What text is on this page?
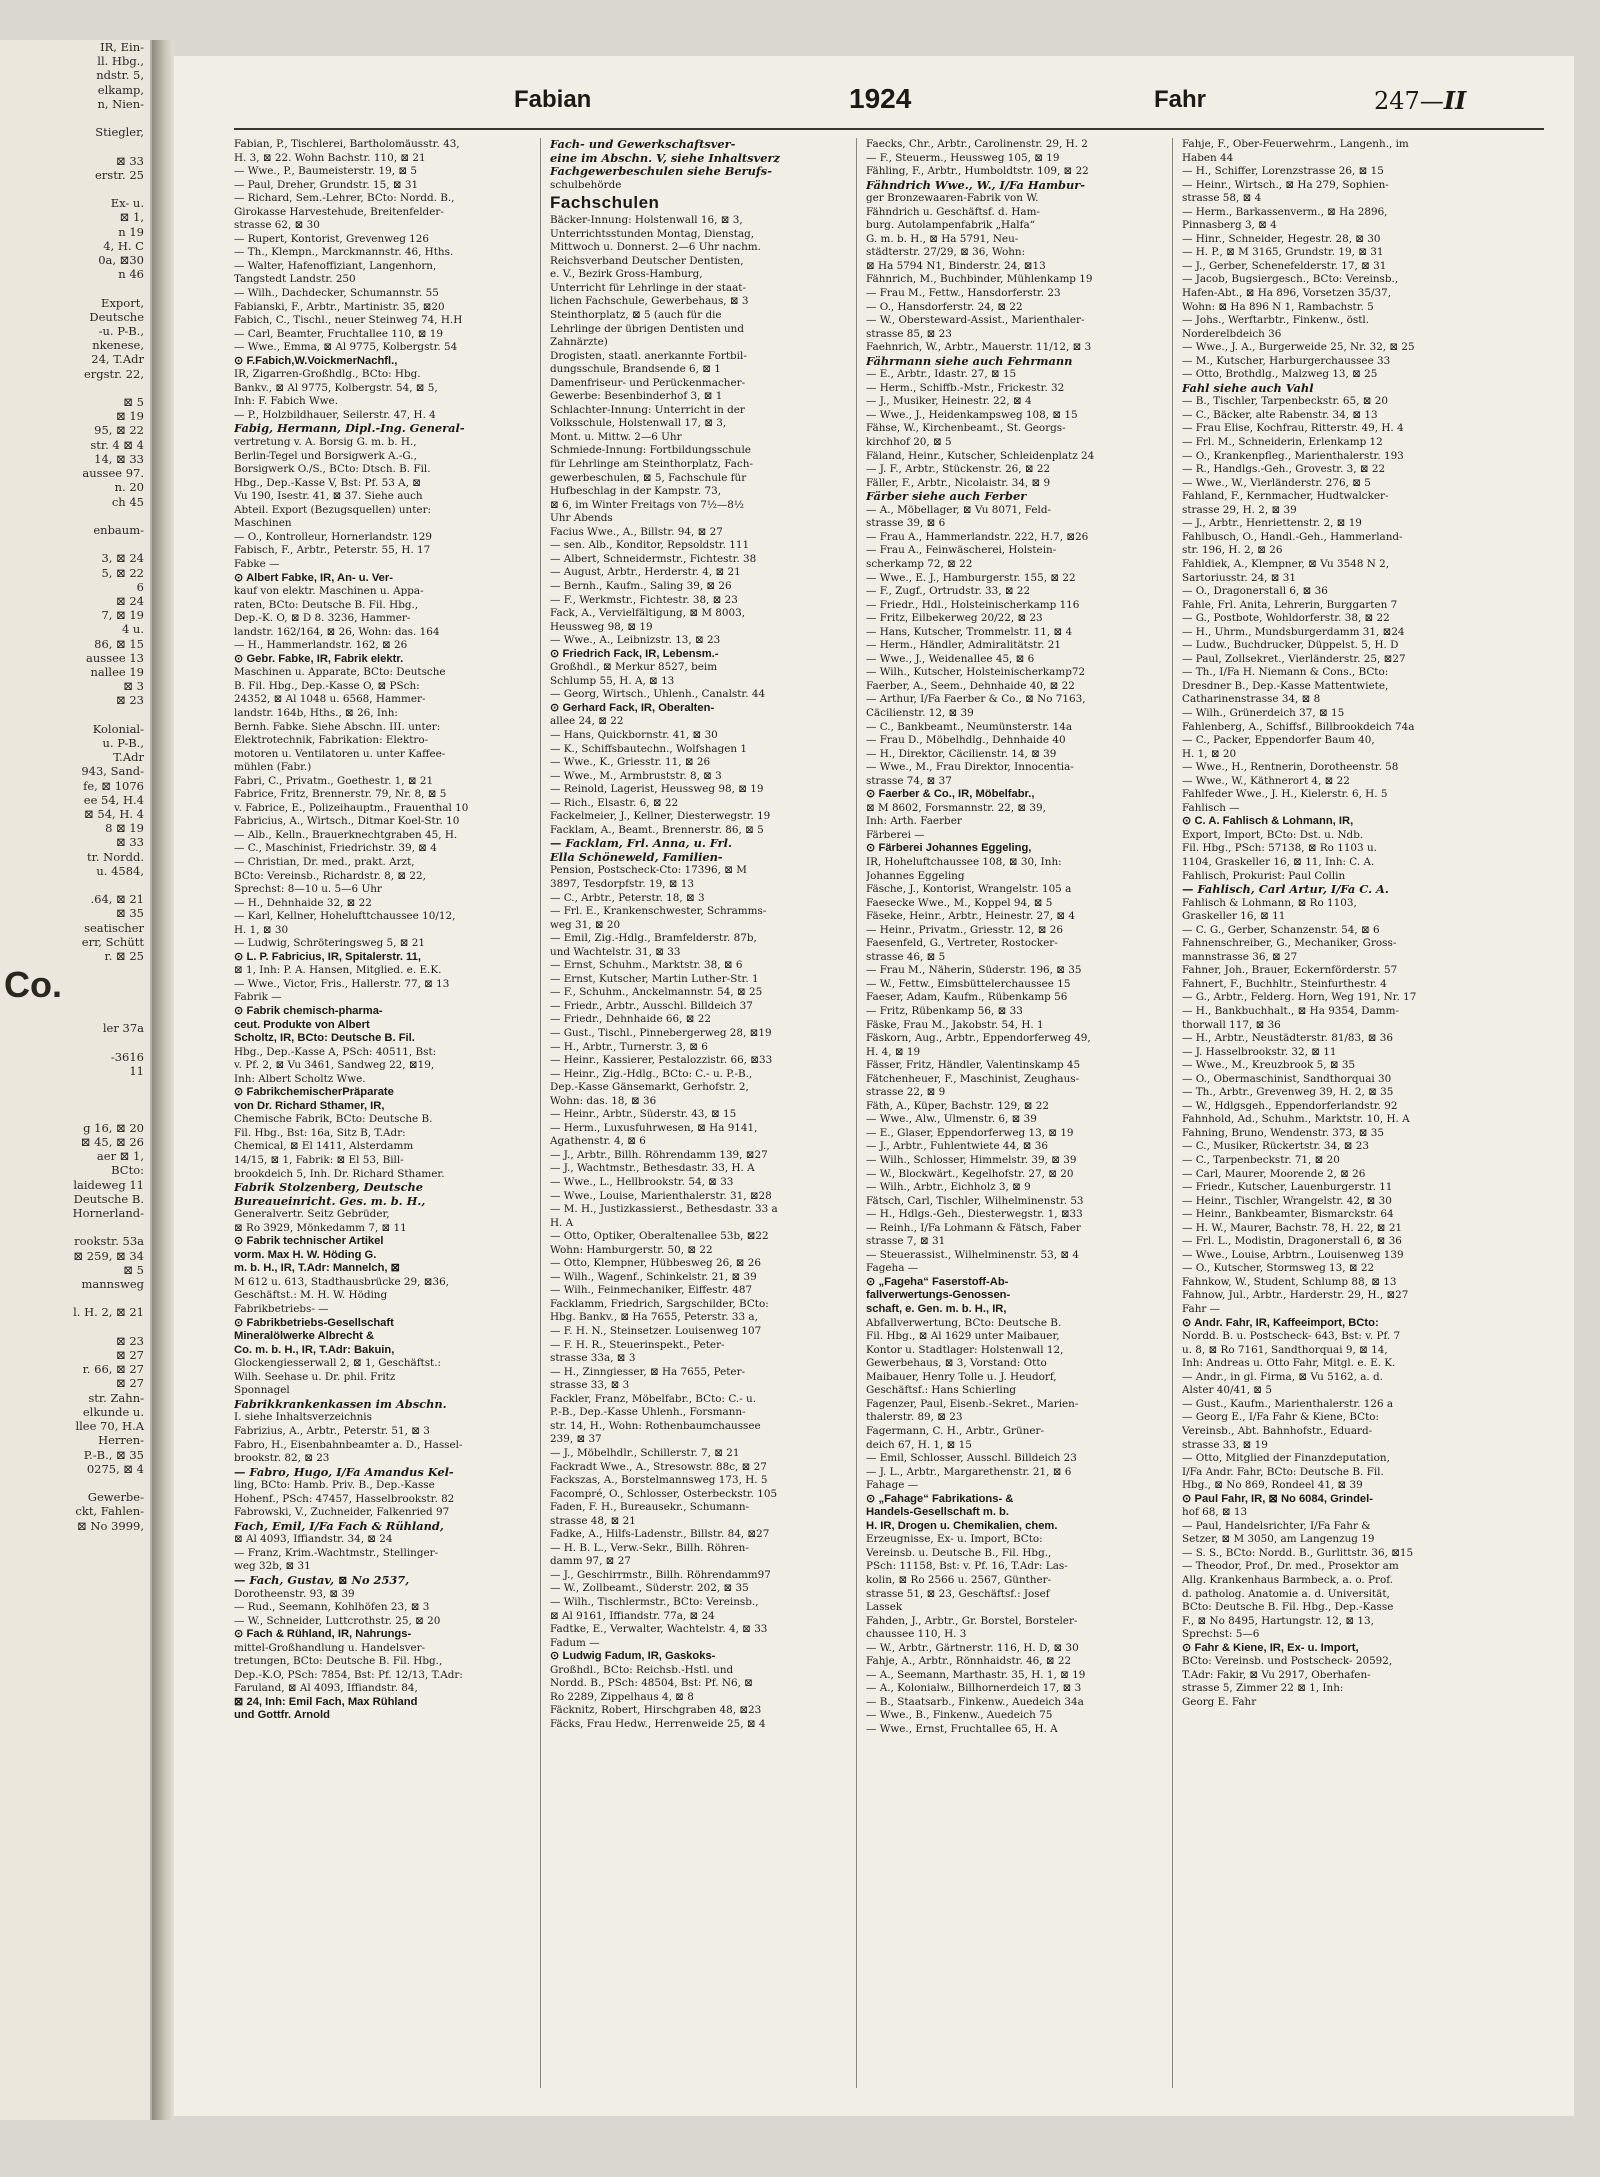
IR, Ein-
ll. Hbg.,
ndstr. 5,
elkamp,
n, Nien-

Stiegler,

⊠ 33
erstr. 25

Ex- u.
⊠ 1,
n 19
4, H. C
0a, ⊠30
n 46

Export,
Deutsche
-u. P-B.,
nkenese,
24, T.Adr
ergstr. 22,

⊠ 5
⊠ 19
95, ⊠ 22
str. 4 ⊠ 4
14, ⊠ 33
aussee 97.
n. 20
ch 45

enbaum-

3, ⊠ 24
5, ⊠ 22
6
⊠ 24
7, ⊠ 19
4 u.
86, ⊠ 15
aussee 13
nallee 19
⊠ 3
⊠ 23

Kolonial-
u. P-B.,
T.Adr
943, Sand-
fe, ⊠ 1076
ee 54, H.4
⊠ 54, H. 4
8 ⊠ 19
⊠ 33
tr. Nordd.
u. 4584,

.64, ⊠ 21
⊠ 35
seatischer
err, Schütt
r. ⊠ 25
Co.

ler 37a

-3616
11

g 16, ⊠ 20
⊠ 45, ⊠ 26
aer ⊠ 1,
BCto:
laideweg 11
Deutsche B.
Hornerland-

rookstr. 53a
⊠ 259, ⊠ 34
⊠ 5
mannsweg

l. H. 2, ⊠ 21

⊠ 23
⊠ 27
r. 66, ⊠ 27
⊠ 27
str. Zahn-
elkunde u.
llee 70, H.A
Herren-
P.-B., ⊠ 35
0275, ⊠ 4

Gewerbe-
ckt, Fahlen-
⊠ No 3999,
Fabian	1924	Fahr	247—II
Fabian, P., Tischlerei, Bartholomäusstr. 43,
H. 3, ⊠ 22. Wohn Bachstr. 110, ⊠ 21
— Wwe., P., Baumeisterstr. 19, ⊠ 5
— Paul, Dreher, Grundstr. 15, ⊠ 31
— Richard, Sem.-Lehrer, BCto: Nordd. B.,
Girokasse Harvestehude, Breitenfelder-
strasse 62, ⊠ 30
— Rupert, Kontorist, Grevenweg 126
— Th., Klempn., Marckmannstr. 46, Hths.
— Walter, Hafenoffiziant, Langenhorn,
Tangstedt Landstr. 250
— Wilh., Dachdecker, Schumannstr. 55
Fabianski, F., Arbtr., Martinistr. 35, ⊠20
Fabich, C., Tischl., neuer Steinweg 74, H.H
— Carl, Beamter, Fruchtallee 110, ⊠ 19
— Wwe., Emma, ⊠ Al 9775, Kolbergstr. 54
⊙ F.Fabich,W.VoickmerNachfl.,
IR, Zigarren-Großhdlg., BCto: Hbg.
Bankv., ⊠ Al 9775, Kolbergstr. 54, ⊠ 5,
Inh: F. Fabich Wwe.
— P., Holzbildhauer, Seilerstr. 47, H. 4
Fabig, Hermann, Dipl.-Ing. General-
vertretung v. A. Borsig G. m. b. H.,
Berlin-Tegel und Borsigwerk A.-G.,
Borsigwerk O./S., BCto: Dtsch. B. Fil.
Hbg., Dep.-Kasse V, Bst: Pf. 53 A, ⊠
Vu 190, Isestr. 41, ⊠ 37. Siehe auch
Abteil. Export (Bezugsquellen) unter:
Maschinen
— O., Kontrolleur, Hornerlandstr. 129
Fabisch, F., Arbtr., Peterstr. 55, H. 17
Fabke —
⊙ Albert Fabke, IR, An- u. Ver-
kauf von elektr. Maschinen u. Appa-
raten, BCto: Deutsche B. Fil. Hbg.,
Dep.-K. O, ⊠ D 8. 3236, Hammer-
landstr. 162/164, ⊠ 26, Wohn: das. 164
— H., Hammerlandstr. 162, ⊠ 26
⊙ Gebr. Fabke, IR, Fabrik elektr.
Maschinen u. Apparate, BCto: Deutsche
B. Fil. Hbg., Dep.-Kasse O, ⊠ PSch:
24352, ⊠ Al 1048 u. 6568, Hammer-
landstr. 164b, Hths., ⊠ 26, Inh:
Bernh. Fabke. Siehe Abschn. III. unter:
Elektrotechnik, Fabrikation: Elektro-
motoren u. Ventilatoren u. unter Kaffee-
mühlen (Fabr.)
Fabri, C., Privatm., Goethestr. 1, ⊠ 21
Fabrice, Fritz, Brennerstr. 79, Nr. 8, ⊠ 5
v. Fabrice, E., Polizeihauptm., Frauenthal 10
Fabricius, A., Wirtsch., Ditmar Koel-Str. 10
— Alb., Kelln., Brauerknechtgraben 45, H.
— C., Maschinist, Friedrichstr. 39, ⊠ 4
— Christian, Dr. med., prakt. Arzt,
BCto: Vereinsb., Richardstr. 8, ⊠ 22,
Sprechst: 8—10 u. 5—6 Uhr
— H., Dehnhaide 32, ⊠ 22
— Karl, Kellner, Hohelufttchaussee 10/12,
H. 1, ⊠ 30
— Ludwig, Schröteringsweg 5, ⊠ 21
⊙ L. P. Fabricius, IR, Spitalerstr. 11,
⊠ 1, Inh: P. A. Hansen, Mitglied. e. E.K.
— Wwe., Victor, Fris., Hallerstr. 77, ⊠ 13
Fabrik —
⊙ Fabrik chemisch-pharma-
ceut. Produkte von Albert
Scholtz, IR, BCto: Deutsche B. Fil.
Hbg., Dep.-Kasse A, PSch: 40511, Bst:
v. Pf. 2, ⊠ Vu 3461, Sandweg 22, ⊠19,
Inh: Albert Scholtz Wwe.
⊙ FabrikchemischerPräparate
von Dr. Richard Sthamer, IR,
Chemische Fabrik, BCto: Deutsche B.
Fil. Hbg., Bst: 16a, Sitz B, T.Adr:
Chemical, ⊠ El 1411, Alsterdamm
14/15, ⊠ 1, Fabrik: ⊠ El 53, Bill-
brookdeich 5, Inh. Dr. Richard Sthamer.
Fabrik Stolzenberg, Deutsche
Bureaueinricht. Ges. m. b. H.,
Generalvertr. Seitz Gebrüder,
⊠ Ro 3929, Mönkedamm 7, ⊠ 11
⊙ Fabrik technischer Artikel
vorm. Max H. W. Höding G.
m. b. H., IR, T.Adr: Mannelch, ⊠
M 612 u. 613, Stadthausbrücke 29, ⊠36,
Geschäftst.: M. H. W. Höding
Fabrikbetriebs- —
⊙ Fabrikbetriebs-Gesellschaft
Mineralölwerke Albrecht &
Co. m. b. H., IR, T.Adr: Bakuin,
Glockengiesserwall 2, ⊠ 1, Geschäftst.:
Wilh. Seehase u. Dr. phil. Fritz
Sponnagel
Fabrikkrankenkassen im Abschn.
I. siehe Inhaltsverzeichnis
Fabrizius, A., Arbtr., Peterstr. 51, ⊠ 3
Fabro, H., Eisenbahnbeamter a. D., Hassel-
brookstr. 82, ⊠ 23
— Fabro, Hugo, I/Fa Amandus Kel-
ling, BCto: Hamb. Priv. B., Dep.-Kasse
Hohenf., PSch: 47457, Hasselbrookstr. 82
Fabrowski, V., Zuchneider, Falkenried 97
Fach, Emil, I/Fa Fach & Rühland,
⊠ Al 4093, Iffiandstr. 34, ⊠ 24
— Franz, Krim.-Wachtmstr., Stellinger-
weg 32b, ⊠ 31
— Fach, Gustav, ⊠ No 2537,
Dorotheenstr. 93, ⊠ 39
— Rud., Seemann, Kohlhöfen 23, ⊠ 3
— W., Schneider, Luttcrothstr. 25, ⊠ 20
⊙ Fach & Rühland, IR, Nahrungs-
mittel-Großhandlung u. Handelsver-
tretungen, BCto: Deutsche B. Fil. Hbg.,
Dep.-K.O, PSch: 7854, Bst: Pf. 12/13, T.Adr:
Faruland, ⊠ Al 4093, Iffiandstr. 84,
⊠ 24, Inh: Emil Fach, Max Rühland
und Gottfr. Arnold
Fach- und Gewerkschaftsver-
eine im Abschn. V, siehe Inhaltsverz
Fachgewerbeschulen siehe Berufs-
schulbehörde
Fachschulen
Bäcker-Innung: Holstenwall 16, ⊠ 3,
Unterrichtsstunden Montag, Dienstag,
Mittwoch u. Donnerst. 2—6 Uhr nachm.
Reichsverband Deutscher Dentisten,
e. V., Bezirk Gross-Hamburg,
Unterricht für Lehrlinge in der staat-
lichen Fachschule, Gewerbehaus, ⊠ 3
Steinthorplatz, ⊠ 5 (auch für die
Lehrlinge der übrigen Dentisten und
Zahnärzte)
Drogisten, staatl. anerkannte Fortbil-
dungsschule, Brandsende 6, ⊠ 1
Damenfriseur- und Perückenmacher-
Gewerbe: Besenbinderhof 3, ⊠ 1
Schlachter-Innung: Unterricht in der
Volksschule, Holstenwall 17, ⊠ 3,
Mont. u. Mittw. 2—6 Uhr
Schmiede-Innung: Fortbildungsschule
für Lehrlinge am Steinthorplatz, Fach-
gewerbeschulen, ⊠ 5, Fachschule für
Hufbeschlag in der Kampstr. 73,
⊠ 6, im Winter Freitags von 7½—8½
Uhr Abends
Facius Wwe., A., Billstr. 94, ⊠ 27
— sen. Alb., Konditor, Repsoldstr. 111
— Albert, Schneidermstr., Fichtestr. 38
— August, Arbtr., Herderstr. 4, ⊠ 21
— Bernh., Kaufm., Saling 39, ⊠ 26
— F., Werkmstr., Fichtestr. 38, ⊠ 23
Fack, A., Vervielfältigung, ⊠ M 8003,
Heussweg 98, ⊠ 19
— Wwe., A., Leibnizstr. 13, ⊠ 23
⊙ Friedrich Fack, IR, Lebensm.-
Großhdl., ⊠ Merkur 8527, beim
Schlump 55, H. A, ⊠ 13
— Georg, Wirtsch., Uhlenh., Canalstr. 44
⊙ Gerhard Fack, IR, Oberalten-
allee 24, ⊠ 22
— Hans, Quickbornstr. 41, ⊠ 30
— K., Schiffsbautechn., Wolfshagen 1
— Wwe., K., Griesstr. 11, ⊠ 26
— Wwe., M., Armbruststr. 8, ⊠ 3
— Reinold, Lagerist, Heussweg 98, ⊠ 19
— Rich., Elsastr. 6, ⊠ 22
Fackelmeier, J., Kellner, Diesterwegstr. 19
Facklam, A., Beamt., Brennerstr. 86, ⊠ 5
— Facklam, Frl. Anna, u. Frl.
Ella Schöneweld, Familien-
Pension, Postscheck-Cto: 17396, ⊠ M
3897, Tesdorpfstr. 19, ⊠ 13
— C., Arbtr., Peterstr. 18, ⊠ 3
— Frl. E., Krankenschwester, Schramms-
weg 31, ⊠ 20
— Emil, Zig.-Hdlg., Bramfelderstr. 87b,
und Wachtelstr. 31, ⊠ 33
— Ernst, Schuhm., Marktstr. 38, ⊠ 6
— Ernst, Kutscher, Martin Luther-Str. 1
— F., Schuhm., Anckelmannstr. 54, ⊠ 25
— Friedr., Arbtr., Ausschl. Billdeich 37
— Friedr., Dehnhaide 66, ⊠ 22
— Gust., Tischl., Pinnebergerweg 28, ⊠19
— H., Arbtr., Turnerstr. 3, ⊠ 6
— Heinr., Kassierer, Pestalozzistr. 66, ⊠33
— Heinr., Zig.-Hdlg., BCto: C.- u. P.-B.,
Dep.-Kasse Gänsemarkt, Gerhofstr. 2,
Wohn: das. 18, ⊠ 36
— Heinr., Arbtr., Süderstr. 43, ⊠ 15
— Herm., Luxusfuhrwesen, ⊠ Ha 9141,
Agathenstr. 4, ⊠ 6
— J., Arbtr., Billh. Röhrendamm 139, ⊠27
— J., Wachtmstr., Bethesdastr. 33, H. A
— Wwe., L., Hellbrookstr. 54, ⊠ 33
— Wwe., Louise, Marienthalerstr. 31, ⊠28
— M. H., Justizkassierst., Bethesdastr. 33 a
H. A
— Otto, Optiker, Oberaltenallee 53b, ⊠22
Wohn: Hamburgerstr. 50, ⊠ 22
— Otto, Klempner, Hübbesweg 26, ⊠ 26
— Wilh., Wagenf., Schinkelstr. 21, ⊠ 39
— Wilh., Feinmechaniker, Eiffestr. 487
Facklamm, Friedrich, Sargschilder, BCto:
Hbg. Bankv., ⊠ Ha 7655, Peterstr. 33 a,
— F. H. N., Steinsetzer. Louisenweg 107
— F. H. R., Steuerinspekt., Peter-
strasse 33a, ⊠ 3
— H., Zinngiesser, ⊠ Ha 7655, Peter-
strasse 33, ⊠ 3
Fackler, Franz, Möbelfabr., BCto: C.- u.
P.-B., Dep.-Kasse Uhlenh., Forsmann-
str. 14, H., Wohn: Rothenbaumchaussee
239, ⊠ 37
— J., Möbelhdlr., Schillerstr. 7, ⊠ 21
Fackradt Wwe., A., Stresowstr. 88c, ⊠ 27
Fackszas, A., Borstelmannsweg 173, H. 5
Facompré, O., Schlosser, Osterbeckstr. 105
Faden, F. H., Bureausekr., Schumann-
strasse 48, ⊠ 21
Fadke, A., Hilfs-Ladenstr., Billstr. 84, ⊠27
— H. B. L., Verw.-Sekr., Billh. Röhren-
damm 97, ⊠ 27
— J., Geschirrmstr., Billh. Röhrendamm97
— W., Zollbeamt., Süderstr. 202, ⊠ 35
— Wilh., Tischlermstr., BCto: Vereinsb.,
⊠ Al 9161, Iffiandstr. 77a, ⊠ 24
Fadtke, E., Verwalter, Wachtelstr. 4, ⊠ 33
Fadum —
⊙ Ludwig Fadum, IR, Gaskoks-
Großhdl., BCto: Reichsb.-Hstl. und
Nordd. B., PSch: 48504, Bst: Pf. N6, ⊠
Ro 2289, Zippelhaus 4, ⊠ 8
Fäcknitz, Robert, Hirschgraben 48, ⊠23
Fäcks, Frau Hedw., Herrenweide 25, ⊠ 4
Faecks, Chr., Arbtr., Carolinenstr. 29, H. 2
— F., Steuerm., Heussweg 105, ⊠ 19
Fähling, F., Arbtr., Humboldtstr. 109, ⊠ 22
Fähndrich Wwe., W., I/Fa Hambur-
ger Bronzewaaren-Fabrik von W.
Fähndrich u. Geschäftsf. d. Ham-
burg. Autolampenfabrik „Halfa“
G. m. b. H., ⊠ Ha 5791, Neu-
städterstr. 27/29, ⊠ 36, Wohn:
⊠ Ha 5794 N1, Binderstr. 24, ⊠13
Fähnrich, M., Buchbinder, Mühlenkamp 19
— Frau M., Fettw., Hansdorferstr. 23
— O., Hansdorferstr. 24, ⊠ 22
— W., Obersteward-Assist., Marienthaler-
strasse 85, ⊠ 23
Faehnrich, W., Arbtr., Mauerstr. 11/12, ⊠ 3
Fährmann siehe auch Fehrmann
— E., Arbtr., Idastr. 27, ⊠ 15
— Herm., Schiffb.-Mstr., Frickestr. 32
— J., Musiker, Heinestr. 22, ⊠ 4
— Wwe., J., Heidenkampsweg 108, ⊠ 15
Fähse, W., Kirchenbeamt., St. Georgs-
kirchhof 20, ⊠ 5
Fäland, Heinr., Kutscher, Schleidenplatz 24
— J. F., Arbtr., Stückenstr. 26, ⊠ 22
Fäller, F., Arbtr., Nicolaistr. 34, ⊠ 9
Färber siehe auch Ferber
— A., Möbellager, ⊠ Vu 8071, Feld-
strasse 39, ⊠ 6
— Frau A., Hammerlandstr. 222, H.7, ⊠26
— Frau A., Feinwäscherei, Holstein-
scherkamp 72, ⊠ 22
— Wwe., E. J., Hamburgerstr. 155, ⊠ 22
— F., Zugf., Ortrudstr. 33, ⊠ 22
— Friedr., Hdl., Holsteinischerkamp 116
— Fritz, Eilbekerweg 20/22, ⊠ 23
— Hans, Kutscher, Trommelstr. 11, ⊠ 4
— Herm., Händler, Admiralitätstr. 21
— Wwe., J., Weidenallee 45, ⊠ 6
— Wilh., Kutscher, Holsteinischerkamp72
Faerber, A., Seem., Dehnhaide 40, ⊠ 22
— Arthur, I/Fa Faerber & Co., ⊠ No 7163,
Cäcilienstr. 12, ⊠ 39
— C., Bankbeamt., Neumünsterstr. 14a
— Frau D., Möbelhdlg., Dehnhaide 40
— H., Direktor, Cäcilienstr. 14, ⊠ 39
— Wwe., M., Frau Direktor, Innocentia-
strasse 74, ⊠ 37
⊙ Faerber & Co., IR, Möbelfabr.,
⊠ M 8602, Forsmannstr. 22, ⊠ 39,
Inh: Arth. Faerber
Färberei —
⊙ Färberei Johannes Eggeling,
IR, Hoheluftchaussee 108, ⊠ 30, Inh:
Johannes Eggeling
Fäsche, J., Kontorist, Wrangelstr. 105 a
Faesecke Wwe., M., Koppel 94, ⊠ 5
Fäseke, Heinr., Arbtr., Heinestr. 27, ⊠ 4
— Heinr., Privatm., Griesstr. 12, ⊠ 26
Faesenfeld, G., Vertreter, Rostocker-
strasse 46, ⊠ 5
— Frau M., Näherin, Süderstr. 196, ⊠ 35
— W., Fettw., Eimsbüttelerchaussee 15
Faeser, Adam, Kaufm., Rübenkamp 56
— Fritz, Rübenkamp 56, ⊠ 33
Fäske, Frau M., Jakobstr. 54, H. 1
Fäskorn, Aug., Arbtr., Eppendorferweg 49,
H. 4, ⊠ 19
Fässer, Fritz, Händler, Valentinskamp 45
Fätchenheuer, F., Maschinist, Zeughaus-
strasse 22, ⊠ 9
Fäth, A., Küper, Bachstr. 129, ⊠ 22
— Wwe., Alw., Ulmenstr. 6, ⊠ 39
— E., Glaser, Eppendorferweg 13, ⊠ 19
— J., Arbtr., Fuhlentwiete 44, ⊠ 36
— Wilh., Schlosser, Himmelstr. 39, ⊠ 39
— W., Blockwärt., Kegelhofstr. 27, ⊠ 20
— Wilh., Arbtr., Eichholz 3, ⊠ 9
Fätsch, Carl, Tischler, Wilhelminenstr. 53
— H., Hdlgs.-Geh., Diesterwegstr. 1, ⊠33
— Reinh., I/Fa Lohmann & Fätsch, Faber
strasse 7, ⊠ 31
— Steuerassist., Wilhelminenstr. 53, ⊠ 4
Fageha —
⊙ „Fageha“ Faserstoff-Ab-
fallverwertungs-Genossen-
schaft, e. Gen. m. b. H., IR,
Abfallverwertung, BCto: Deutsche B.
Fil. Hbg., ⊠ Al 1629 unter Maibauer,
Kontor u. Stadtlager: Holstenwall 12,
Gewerbehaus, ⊠ 3, Vorstand: Otto
Maibauer, Henry Tolle u. J. Heudorf,
Geschäftsf.: Hans Schierling
Fagenzer, Paul, Eisenb.-Sekret., Marien-
thalerstr. 89, ⊠ 23
Fagermann, C. H., Arbtr., Grüner-
deich 67, H. 1, ⊠ 15
— Emil, Schlosser, Ausschl. Billdeich 23
— J. L., Arbtr., Margarethenstr. 21, ⊠ 6
Fahage —
⊙ „Fahage“ Fabrikations- &
Handels-Gesellschaft m. b.
H. IR, Drogen u. Chemikalien, chem.
Erzeugnisse, Ex- u. Import, BCto:
Vereinsb. u. Deutsche B., Fil. Hbg.,
PSch: 11158, Bst: v. Pf. 16, T.Adr: Las-
kolin, ⊠ Ro 2566 u. 2567, Günther-
strasse 51, ⊠ 23, Geschäftsf.: Josef
Lassek
Fahden, J., Arbtr., Gr. Borstel, Borsteler-
chaussee 110, H. 3
— W., Arbtr., Gärtnerstr. 116, H. D, ⊠ 30
Fahje, A., Arbtr., Rönnhaidstr. 46, ⊠ 22
— A., Seemann, Marthastr. 35, H. 1, ⊠ 19
— A., Kolonialw., Billhornerdeich 17, ⊠ 3
— B., Staatsarb., Finkenw., Auedeich 34a
— Wwe., B., Finkenw., Auedeich 75
— Wwe., Ernst, Fruchtallee 65, H. A
Fahje, F., Ober-Feuerwehrm., Langenh., im
Haben 44
— H., Schiffer, Lorenzstrasse 26, ⊠ 15
— Heinr., Wirtsch., ⊠ Ha 279, Sophien-
strasse 58, ⊠ 4
— Herm., Barkassenverm., ⊠ Ha 2896,
Pinnasberg 3, ⊠ 4
— Hinr., Schneider, Hegestr. 28, ⊠ 30
— H. P., ⊠ M 3165, Grundstr. 19, ⊠ 31
— J., Gerber, Schenefelderstr. 17, ⊠ 31
— Jacob, Bugsiergesch., BCto: Vereinsb.,
Hafen-Abt., ⊠ Ha 896, Vorsetzen 35/37,
Wohn: ⊠ Ha 896 N 1, Rambachstr. 5
— Johs., Werftarbtr., Finkenw., östl.
Norderelbdeich 36
— Wwe., J. A., Burgerweide 25, Nr. 32, ⊠ 25
— M., Kutscher, Harburgerchaussee 33
— Otto, Brothdlg., Malzweg 13, ⊠ 25
Fahl siehe auch Vahl
— B., Tischler, Tarpenbeckstr. 65, ⊠ 20
— C., Bäcker, alte Rabenstr. 34, ⊠ 13
— Frau Elise, Kochfrau, Ritterstr. 49, H. 4
— Frl. M., Schneiderin, Erlenkamp 12
— O., Krankenpfleg., Marienthalerstr. 193
— R., Handlgs.-Geh., Grovestr. 3, ⊠ 22
— Wwe., W., Vierländerstr. 276, ⊠ 5
Fahland, F., Kernmacher, Hudtwalcker-
strasse 29, H. 2, ⊠ 39
— J., Arbtr., Henriettenstr. 2, ⊠ 19
Fahlbusch, O., Handl.-Geh., Hammerland-
str. 196, H. 2, ⊠ 26
Fahldiek, A., Klempner, ⊠ Vu 3548 N 2,
Sartoriusstr. 24, ⊠ 31
— O., Dragonerstall 6, ⊠ 36
Fahle, Frl. Anita, Lehrerin, Burggarten 7
— G., Postbote, Wohldorferstr. 38, ⊠ 22
— H., Uhrm., Mundsburgerdamm 31, ⊠24
— Ludw., Buchdrucker, Düppelst. 5, H. D
— Paul, Zollsekret., Vierländerstr. 25, ⊠27
— Th., I/Fa H. Niemann & Cons., BCto:
Dresdner B., Dep.-Kasse Mattentwiete,
Catharinenstrasse 34, ⊠ 8
— Wilh., Grünerdeich 37, ⊠ 15
Fahlenberg, A., Schiffsf., Billbrookdeich 74a
— C., Packer, Eppendorfer Baum 40,
H. 1, ⊠ 20
— Wwe., H., Rentnerin, Dorotheenstr. 58
— Wwe., W., Käthnerort 4, ⊠ 22
Fahlfeder Wwe., J. H., Kielerstr. 6, H. 5
Fahlisch —
⊙ C. A. Fahlisch & Lohmann, IR,
Export, Import, BCto: Dst. u. Ndb.
Fil. Hbg., PSch: 57138, ⊠ Ro 1103 u.
1104, Graskeller 16, ⊠ 11, Inh: C. A.
Fahlisch, Prokurist: Paul Collin
— Fahlisch, Carl Artur, I/Fa C. A.
Fahlisch & Lohmann, ⊠ Ro 1103,
Graskeller 16, ⊠ 11
— C. G., Gerber, Schanzenstr. 54, ⊠ 6
Fahnenschreiber, G., Mechaniker, Gross-
mannstrasse 36, ⊠ 27
Fahner, Joh., Brauer, Eckernförderstr. 57
Fahnert, F., Buchhltr., Steinfurthestr. 4
— G., Arbtr., Felderg. Horn, Weg 191, Nr. 17
— H., Bankbuchhalt., ⊠ Ha 9354, Damm-
thorwall 117, ⊠ 36
— H., Arbtr., Neustädterstr. 81/83, ⊠ 36
— J. Hasselbrookstr. 32, ⊠ 11
— Wwe., M., Kreuzbrook 5, ⊠ 35
— O., Obermaschinist, Sandthorquai 30
— Th., Arbtr., Grevenweg 39, H. 2, ⊠ 35
— W., Hdlgsgeh., Eppendorferlandstr. 92
Fahnhold, Ad., Schuhm., Marktstr. 10, H. A
Fahning, Bruno, Wendenstr. 373, ⊠ 35
— C., Musiker, Rückertstr. 34, ⊠ 23
— C., Tarpenbeckstr. 71, ⊠ 20
— Carl, Maurer, Moorende 2, ⊠ 26
— Friedr., Kutscher, Lauenburgerstr. 11
— Heinr., Tischler, Wrangelstr. 42, ⊠ 30
— Heinr., Bankbeamter, Bismarckstr. 64
— H. W., Maurer, Bachstr. 78, H. 22, ⊠ 21
— Frl. L., Modistin, Dragonerstall 6, ⊠ 36
— Wwe., Louise, Arbtrn., Louisenweg 139
— O., Kutscher, Stormsweg 13, ⊠ 22
Fahnkow, W., Student, Schlump 88, ⊠ 13
Fahnow, Jul., Arbtr., Harderstr. 29, H., ⊠27
Fahr —
⊙ Andr. Fahr, IR, Kaffeeimport, BCto:
Nordd. B. u. Postscheck- 643, Bst: v. Pf. 7
u. 8, ⊠ Ro 7161, Sandthorquai 9, ⊠ 14,
Inh: Andreas u. Otto Fahr, Mitgl. e. E. K.
— Andr., in gl. Firma, ⊠ Vu 5162, a. d.
Alster 40/41, ⊠ 5
— Gust., Kaufm., Marienthalerstr. 126 a
— Georg E., I/Fa Fahr & Kiene, BCto:
Vereinsb., Abt. Bahnhofstr., Eduard-
strasse 33, ⊠ 19
— Otto, Mitglied der Finanzdeputation,
I/Fa Andr. Fahr, BCto: Deutsche B. Fil.
Hbg., ⊠ No 869, Rondeel 41, ⊠ 39
⊙ Paul Fahr, IR, ⊠ No 6084, Grindel-
hof 68, ⊠ 13
— Paul, Handelsrichter, I/Fa Fahr &
Setzer, ⊠ M 3050, am Langenzug 19
— S. S., BCto: Nordd. B., Gurlittstr. 36, ⊠15
— Theodor, Prof., Dr. med., Prosektor am
Allg. Krankenhaus Barmbeck, a. o. Prof.
d. patholog. Anatomie a. d. Universität,
BCto: Deutsche B. Fil. Hbg., Dep.-Kasse
F., ⊠ No 8495, Hartungstr. 12, ⊠ 13,
Sprechst: 5—6
⊙ Fahr & Kiene, IR, Ex- u. Import,
BCto: Vereinsb. und Postscheck- 20592,
T.Adr: Fakir, ⊠ Vu 2917, Oberhafen-
strasse 5, Zimmer 22 ⊠ 1, Inh:
Georg E. Fahr
